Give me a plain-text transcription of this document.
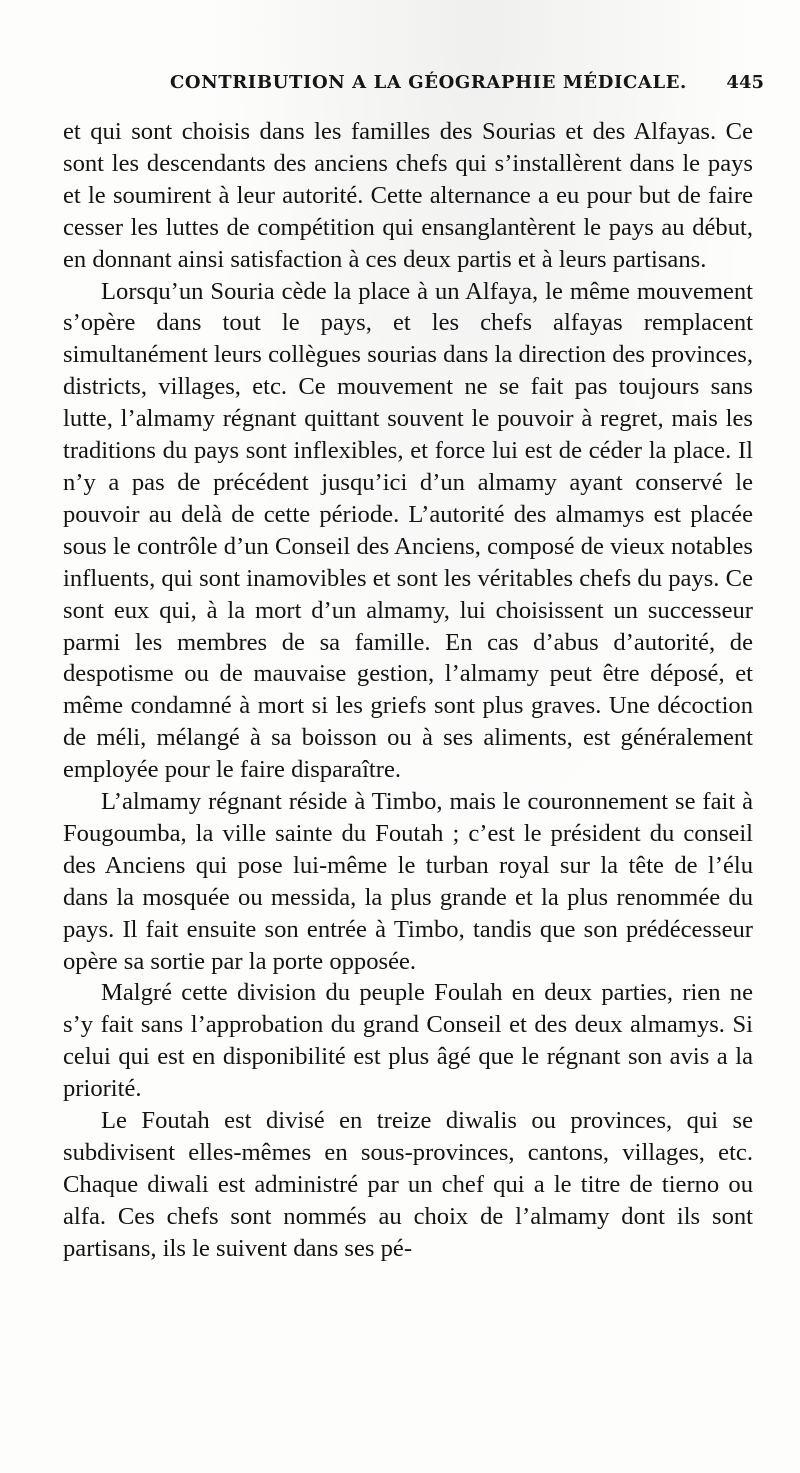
CONTRIBUTION A LA GÉOGRAPHIE MÉDICALE. 445

et qui sont choisis dans les familles des Sourias et des Alfayas. Ce sont les descendants des anciens chefs qui s’installèrent dans le pays et le soumirent à leur autorité. Cette alternance a eu pour but de faire cesser les luttes de compétition qui ensanglantèrent le pays au début, en donnant ainsi satisfaction à ces deux partis et à leurs partisans.

Lorsqu’un Souria cède la place à un Alfaya, le même mouvement s’opère dans tout le pays, et les chefs alfayas remplacent simultanément leurs collègues sourias dans la direction des provinces, districts, villages, etc. Ce mouvement ne se fait pas toujours sans lutte, l’almamy régnant quittant souvent le pouvoir à regret, mais les traditions du pays sont inflexibles, et force lui est de céder la place. Il n’y a pas de précédent jusqu’ici d’un almamy ayant conservé le pouvoir au delà de cette période. L’autorité des almamys est placée sous le contrôle d’un Conseil des Anciens, composé de vieux notables influents, qui sont inamovibles et sont les véritables chefs du pays. Ce sont eux qui, à la mort d’un almamy, lui choisissent un successeur parmi les membres de sa famille. En cas d’abus d’autorité, de despotisme ou de mauvaise gestion, l’almamy peut être déposé, et même condamné à mort si les griefs sont plus graves. Une décoction de méli, mélangé à sa boisson ou à ses aliments, est généralement employée pour le faire disparaître.

L’almamy régnant réside à Timbo, mais le couronnement se fait à Fougoumba, la ville sainte du Foutah ; c’est le président du conseil des Anciens qui pose lui-même le turban royal sur la tête de l’élu dans la mosquée ou messida, la plus grande et la plus renommée du pays. Il fait ensuite son entrée à Timbo, tandis que son prédécesseur opère sa sortie par la porte opposée.

Malgré cette division du peuple Foulah en deux parties, rien ne s’y fait sans l’approbation du grand Conseil et des deux almamys. Si celui qui est en disponibilité est plus âgé que le régnant son avis a la priorité.

Le Foutah est divisé en treize diwalis ou provinces, qui se subdivisent elles-mêmes en sous-provinces, cantons, villages, etc. Chaque diwali est administré par un chef qui a le titre de tierno ou alfa. Ces chefs sont nommés au choix de l’almamy dont ils sont partisans, ils le suivent dans ses pé-
